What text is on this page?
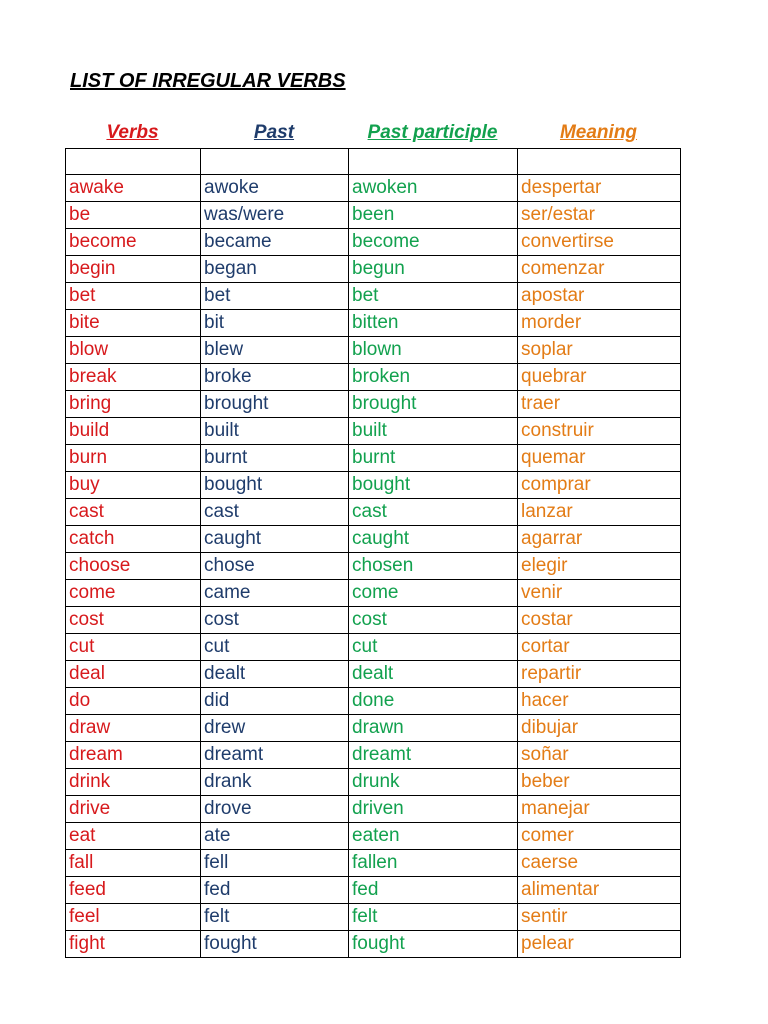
LIST OF IRREGULAR VERBS
Verbs	Past	Past participle	Meaning

awake	awoke	awoken	despertar
be	was/were	been	ser/estar
become	became	become	convertirse
begin	began	begun	comenzar
bet	bet	bet	apostar
bite	bit	bitten	morder
blow	blew	blown	soplar
break	broke	broken	quebrar
bring	brought	brought	traer
build	built	built	construir
burn	burnt	burnt	quemar
buy	bought	bought	comprar
cast	cast	cast	lanzar
catch	caught	caught	agarrar
choose	chose	chosen	elegir
come	came	come	venir
cost	cost	cost	costar
cut	cut	cut	cortar
deal	dealt	dealt	repartir
do	did	done	hacer
draw	drew	drawn	dibujar
dream	dreamt	dreamt	soñar
drink	drank	drunk	beber
drive	drove	driven	manejar
eat	ate	eaten	comer
fall	fell	fallen	caerse
feed	fed	fed	alimentar
feel	felt	felt	sentir
fight	fought	fought	pelear
